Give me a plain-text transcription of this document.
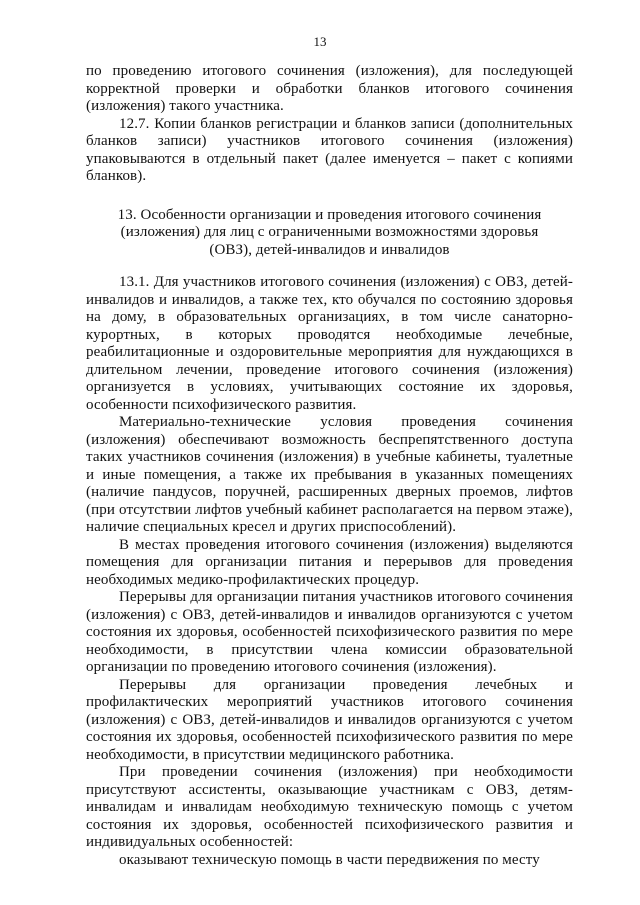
13

по проведению итогового сочинения (изложения), для последующей корректной проверки и обработки бланков итогового сочинения (изложения) такого участника.

12.7. Копии бланков регистрации и бланков записи (дополнительных бланков записи) участников итогового сочинения (изложения) упаковываются в отдельный пакет (далее именуется – пакет с копиями бланков).

13. Особенности организации и проведения итогового сочинения (изложения) для лиц с ограниченными возможностями здоровья (ОВЗ), детей-инвалидов и инвалидов

13.1. Для участников итогового сочинения (изложения) с ОВЗ, детей-инвалидов и инвалидов, а также тех, кто обучался по состоянию здоровья на дому, в образовательных организациях, в том числе санаторно-курортных, в которых проводятся необходимые лечебные, реабилитационные и оздоровительные мероприятия для нуждающихся в длительном лечении, проведение итогового сочинения (изложения) организуется в условиях, учитывающих состояние их здоровья, особенности психофизического развития.

Материально-технические условия проведения сочинения (изложения) обеспечивают возможность беспрепятственного доступа таких участников сочинения (изложения) в учебные кабинеты, туалетные и иные помещения, а также их пребывания в указанных помещениях (наличие пандусов, поручней, расширенных дверных проемов, лифтов (при отсутствии лифтов учебный кабинет располагается на первом этаже), наличие специальных кресел и других приспособлений).

В местах проведения итогового сочинения (изложения) выделяются помещения для организации питания и перерывов для проведения необходимых медико-профилактических процедур.

Перерывы для организации питания участников итогового сочинения (изложения) с ОВЗ, детей-инвалидов и инвалидов организуются с учетом состояния их здоровья, особенностей психофизического развития по мере необходимости, в присутствии члена комиссии образовательной организации по проведению итогового сочинения (изложения).

Перерывы для организации проведения лечебных и профилактических мероприятий участников итогового сочинения (изложения) с ОВЗ, детей-инвалидов и инвалидов организуются с учетом состояния их здоровья, особенностей психофизического развития по мере необходимости, в присутствии медицинского работника.

При проведении сочинения (изложения) при необходимости присутствуют ассистенты, оказывающие участникам с ОВЗ, детям-инвалидам и инвалидам необходимую техническую помощь с учетом состояния их здоровья, особенностей психофизического развития и индивидуальных особенностей:

оказывают техническую помощь в части передвижения по месту
